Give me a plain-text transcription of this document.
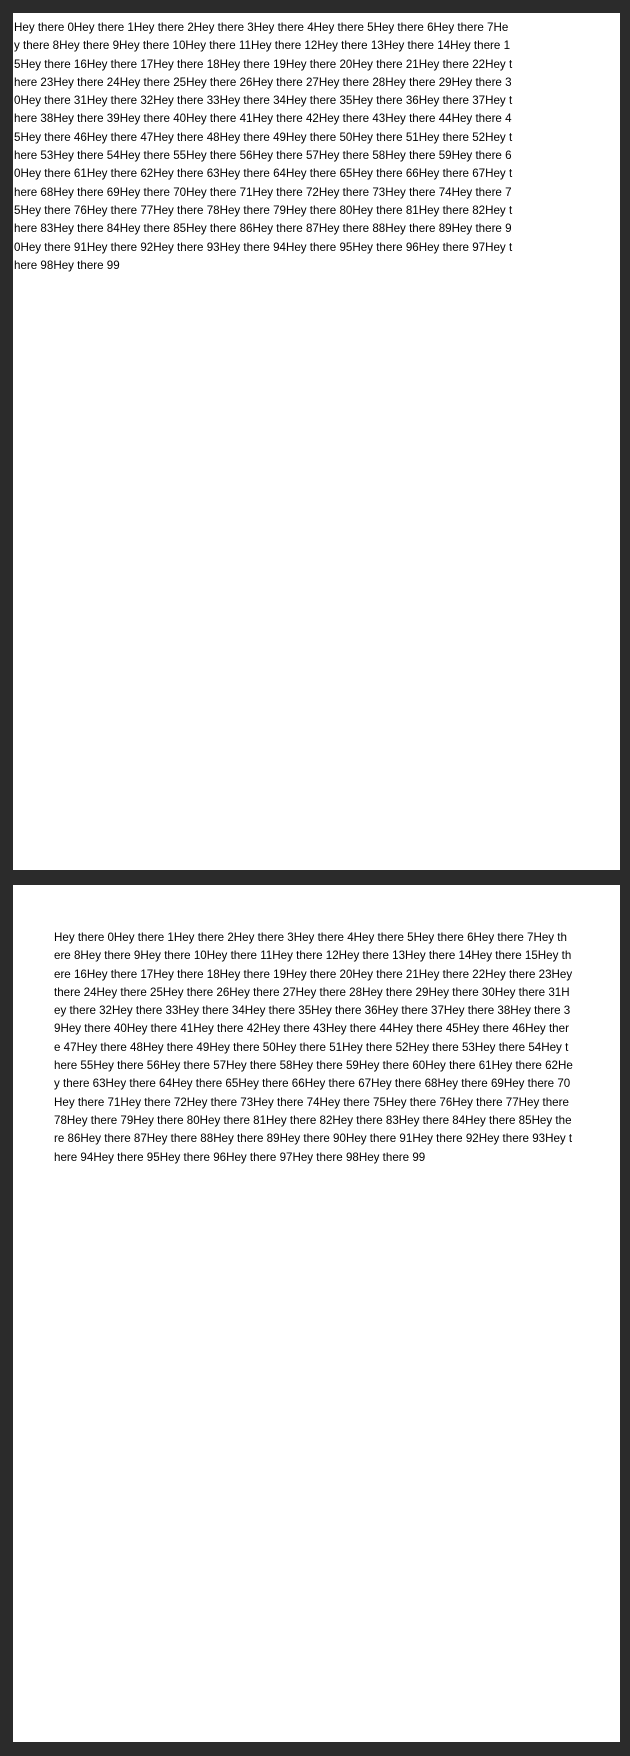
Hey there 0Hey there 1Hey there 2Hey there 3Hey there 4Hey there 5Hey there 6Hey there 7Hey there 8Hey there 9Hey there 10Hey there 11Hey there 12Hey there 13Hey there 14Hey there 15Hey there 16Hey there 17Hey there 18Hey there 19Hey there 20Hey there 21Hey there 22Hey there 23Hey there 24Hey there 25Hey there 26Hey there 27Hey there 28Hey there 29Hey there 30Hey there 31Hey there 32Hey there 33Hey there 34Hey there 35Hey there 36Hey there 37Hey there 38Hey there 39Hey there 40Hey there 41Hey there 42Hey there 43Hey there 44Hey there 45Hey there 46Hey there 47Hey there 48Hey there 49Hey there 50Hey there 51Hey there 52Hey there 53Hey there 54Hey there 55Hey there 56Hey there 57Hey there 58Hey there 59Hey there 60Hey there 61Hey there 62Hey there 63Hey there 64Hey there 65Hey there 66Hey there 67Hey there 68Hey there 69Hey there 70Hey there 71Hey there 72Hey there 73Hey there 74Hey there 75Hey there 76Hey there 77Hey there 78Hey there 79Hey there 80Hey there 81Hey there 82Hey there 83Hey there 84Hey there 85Hey there 86Hey there 87Hey there 88Hey there 89Hey there 90Hey there 91Hey there 92Hey there 93Hey there 94Hey there 95Hey there 96Hey there 97Hey there 98Hey there 99
Hey there 0Hey there 1Hey there 2Hey there 3Hey there 4Hey there 5Hey there 6Hey there 7Hey there 8Hey there 9Hey there 10Hey there 11Hey there 12Hey there 13Hey there 14Hey there 15Hey there 16Hey there 17Hey there 18Hey there 19Hey there 20Hey there 21Hey there 22Hey there 23Hey there 24Hey there 25Hey there 26Hey there 27Hey there 28Hey there 29Hey there 30Hey there 31Hey there 32Hey there 33Hey there 34Hey there 35Hey there 36Hey there 37Hey there 38Hey there 39Hey there 40Hey there 41Hey there 42Hey there 43Hey there 44Hey there 45Hey there 46Hey there 47Hey there 48Hey there 49Hey there 50Hey there 51Hey there 52Hey there 53Hey there 54Hey there 55Hey there 56Hey there 57Hey there 58Hey there 59Hey there 60Hey there 61Hey there 62Hey there 63Hey there 64Hey there 65Hey there 66Hey there 67Hey there 68Hey there 69Hey there 70Hey there 71Hey there 72Hey there 73Hey there 74Hey there 75Hey there 76Hey there 77Hey there 78Hey there 79Hey there 80Hey there 81Hey there 82Hey there 83Hey there 84Hey there 85Hey there 86Hey there 87Hey there 88Hey there 89Hey there 90Hey there 91Hey there 92Hey there 93Hey there 94Hey there 95Hey there 96Hey there 97Hey there 98Hey there 99
